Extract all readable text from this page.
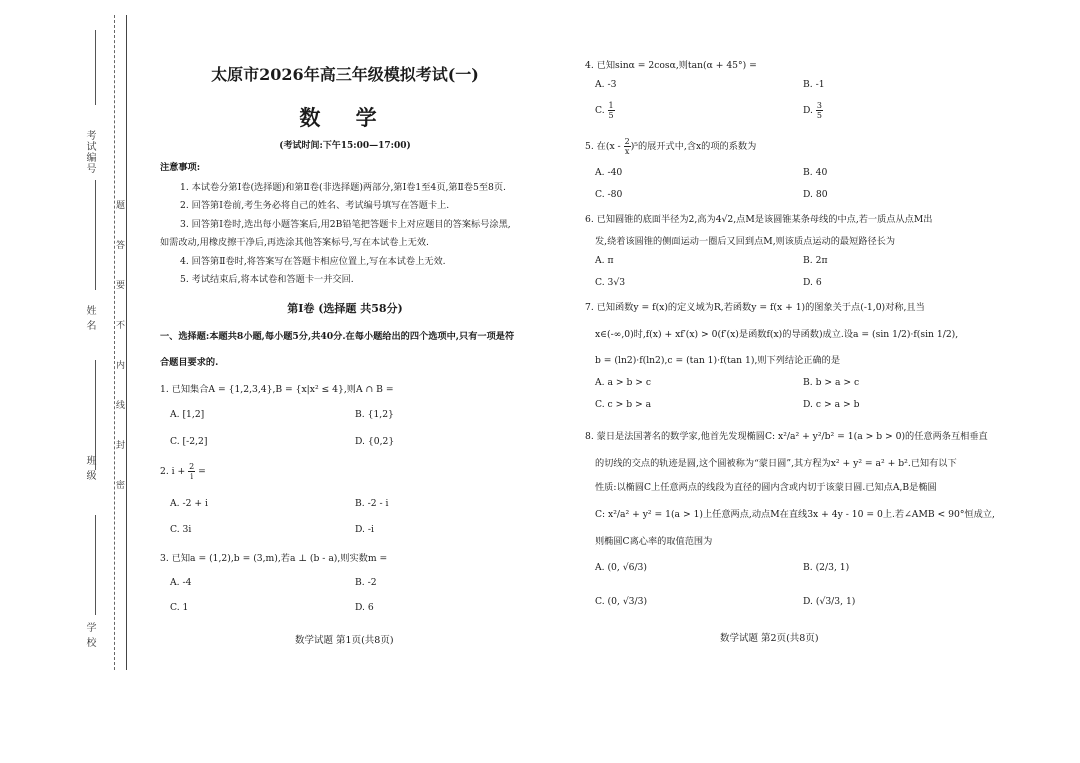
考试编号
姓 名
班 级
学 校
题
答
要
不
内
线
封
密
太原市2026年高三年级模拟考试(一)
数 学
(考试时间:下午15:00—17:00)
注意事项:
1. 本试卷分第Ⅰ卷(选择题)和第Ⅱ卷(非选择题)两部分,第Ⅰ卷1至4页,第Ⅱ卷5至8页.
2. 回答第Ⅰ卷前,考生务必将自己的姓名、考试编号填写在答题卡上.
3. 回答第Ⅰ卷时,选出每小题答案后,用2B铅笔把答题卡上对应题目的答案标号涂黑,
如需改动,用橡皮擦干净后,再选涂其他答案标号,写在本试卷上无效.
4. 回答第Ⅱ卷时,将答案写在答题卡相应位置上,写在本试卷上无效.
5. 考试结束后,将本试卷和答题卡一并交回.
第Ⅰ卷 (选择题 共58分)
一、选择题:本题共8小题,每小题5分,共40分.在每小题给出的四个选项中,只有一项是符
合题目要求的.
1. 已知集合A = {1,2,3,4},B = {x|x² ≤ 4},则A ∩ B =
A. [1,2]	B. {1,2}
C. [-2,2]	D. {0,2}
2. $i + \frac{2}{i}$ =
A. -2 + i	B. -2 - i
C. 3i	D. -i
3. 已知a = (1,2),b = (3,m),若a ⊥ (b - a),则实数m =
A. -4	B. -2
C. 1	D. 6
数学试题 第1页(共8页)
4. 已知sinα = 2cosα,则tan(α + 45°) =
A. -3	B. -1
C. $\frac{1}{5}$	D. $\frac{3}{5}$
5. 在$(x - \frac{2}{x} )^5$的展开式中,含x的项的系数为
A. -40	B. 40
C. -80	D. 80
6. 已知圆锥的底面半径为2,高为4√2,点M是该圆锥某条母线的中点,若一质点从点M出
发,绕着该圆锥的侧面运动一圈后又回到点M,则该质点运动的最短路径长为
A. π	B. 2π
C. 3√3	D. 6
7. 已知函数y = f(x)的定义域为R,若函数y = f(x + 1)的图象关于点(-1,0)对称,且当
x∈(-∞,0)时,f(x) + xf′(x) > 0(f′(x)是函数f(x)的导函数)成立.设a = (sin 1/2)·f(sin 1/2),
b = (ln2)·f(ln2),c = (tan 1)·f(tan 1),则下列结论正确的是
A. a > b > c	B. b > a > c
C. c > b > a	D. c > a > b
8. 蒙日是法国著名的数学家,他首先发现椭圆C: x²/a² + y²/b² = 1(a > b > 0)的任意两条互相垂直
的切线的交点的轨迹是圆,这个圆被称为“蒙日圆”,其方程为x² + y² = a² + b².已知有以下
性质:以椭圆C上任意两点的线段为直径的圆内含或内切于该蒙日圆.已知点A,B是椭圆
C: x²/a² + y² = 1(a > 1)上任意两点,动点M在直线3x + 4y - 10 = 0上.若∠AMB < 90°恒成立,
则椭圆C离心率的取值范围为
A. (0, √6/3)	B. (2/3, 1)
C. (0, √3/3)	D. (√3/3, 1)
数学试题 第2页(共8页)
